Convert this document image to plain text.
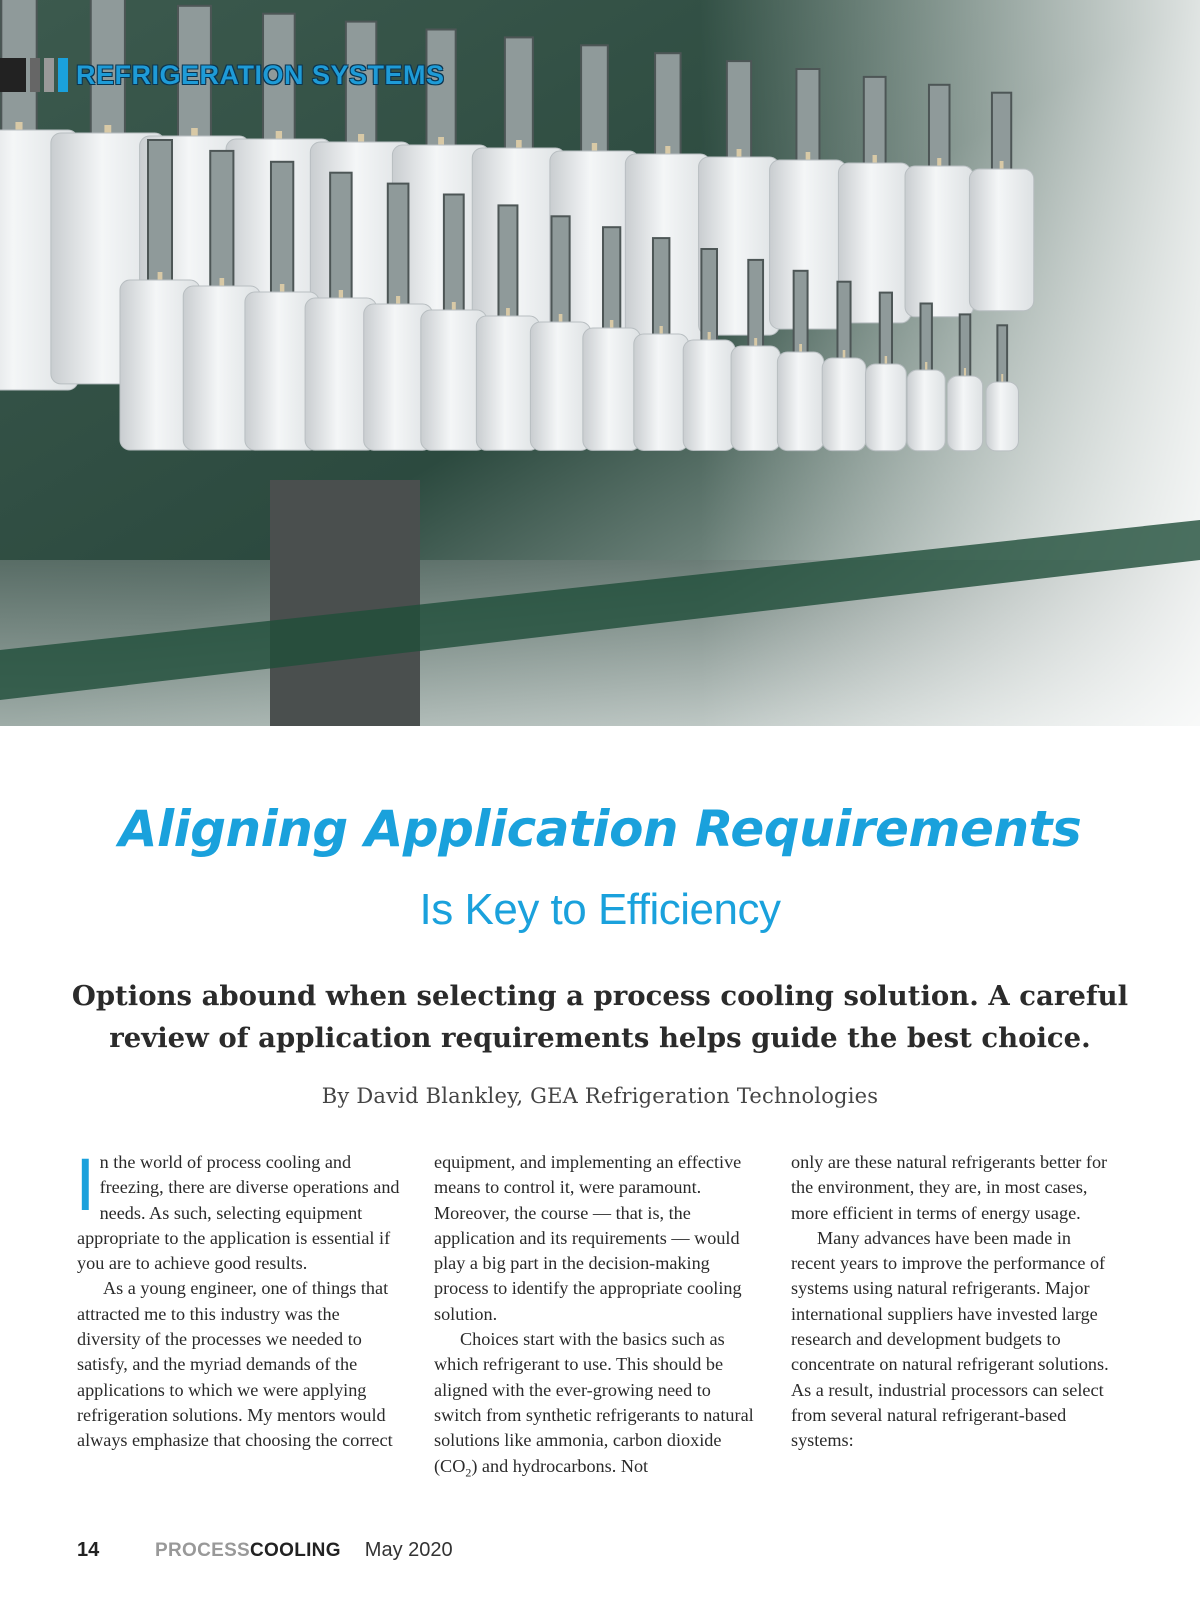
REFRIGERATION SYSTEMS
Aligning Application Requirements
Is Key to Efficiency
Options abound when selecting a process cooling solution. A careful review of application requirements helps guide the best choice.
By David Blankley, GEA Refrigeration Technologies

In the world of process cooling and freezing, there are diverse operations and needs. As such, selecting equipment appropriate to the application is essential if you are to achieve good results.

As a young engineer, one of things that attracted me to this industry was the diversity of the processes we needed to satisfy, and the myriad demands of the applications to which we were applying refrigeration solutions. My mentors would always emphasize that choosing the correct

equipment, and implementing an effective means to control it, were paramount. Moreover, the course — that is, the application and its requirements — would play a big part in the decision-making process to identify the appropriate cooling solution.

Choices start with the basics such as which refrigerant to use. This should be aligned with the ever-growing need to switch from synthetic refrigerants to natural solutions like ammonia, carbon dioxide $(CO_2)$ and hydrocarbons. Not

only are these natural refrigerants better for the environment, they are, in most cases, more efficient in terms of energy usage.

Many advances have been made in recent years to improve the performance of systems using natural refrigerants. Major international suppliers have invested large research and development budgets to concentrate on natural refrigerant solutions. As a result, industrial processors can select from several natural refrigerant-based systems:

14	PROCESS COOLING May 2020
